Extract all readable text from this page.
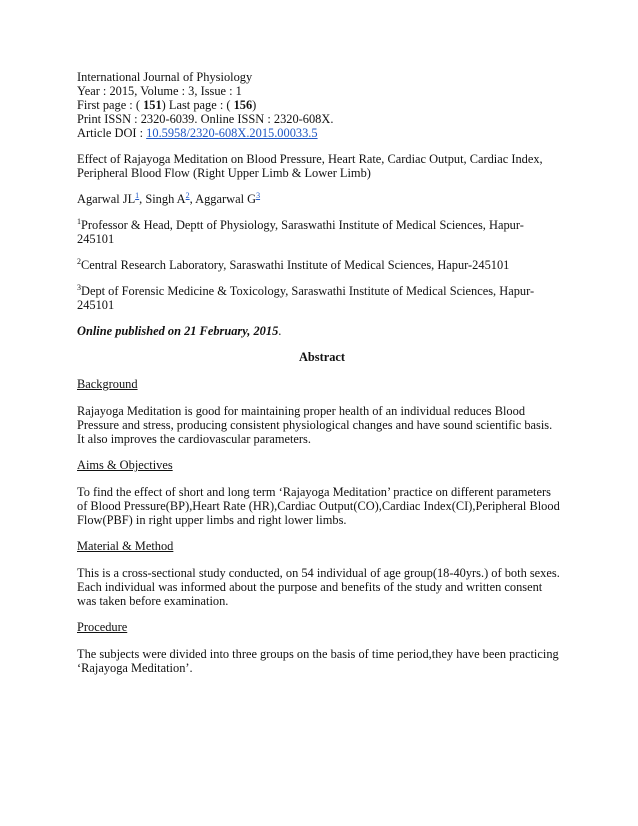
International Journal of Physiology
Year : 2015, Volume : 3, Issue : 1
First page : ( 151) Last page : ( 156)
Print ISSN : 2320-6039. Online ISSN : 2320-608X.
Article DOI : 10.5958/2320-608X.2015.00033.5
Effect of Rajayoga Meditation on Blood Pressure, Heart Rate, Cardiac Output, Cardiac Index,
Peripheral Blood Flow (Right Upper Limb & Lower Limb)
Agarwal $JL^1$, Singh $A^2$, Aggarwal $G^3$
$^1$Professor & Head, Deptt of Physiology, Saraswathi Institute of Medical Sciences, Hapur-
245101
$^2$Central Research Laboratory, Saraswathi Institute of Medical Sciences, Hapur-245101
$^3$Dept of Forensic Medicine & Toxicology, Saraswathi Institute of Medical Sciences, Hapur-
245101
Online published on 21 February, 2015.
Abstract
Background
Rajayoga Meditation is good for maintaining proper health of an individual reduces Blood
Pressure and stress, producing consistent physiological changes and have sound scientific basis.
It also improves the cardiovascular parameters.
Aims & Objectives
To find the effect of short and long term ‘Rajayoga Meditation’ practice on different parameters
of Blood Pressure(BP),Heart Rate (HR),Cardiac Output(CO),Cardiac Index(CI),Peripheral Blood
Flow(PBF) in right upper limbs and right lower limbs.
Material & Method
This is a cross-sectional study conducted, on 54 individual of age group(18-40yrs.) of both sexes.
Each individual was informed about the purpose and benefits of the study and written consent
was taken before examination.
Procedure
The subjects were divided into three groups on the basis of time period,they have been practicing
‘Rajayoga Meditation’.
